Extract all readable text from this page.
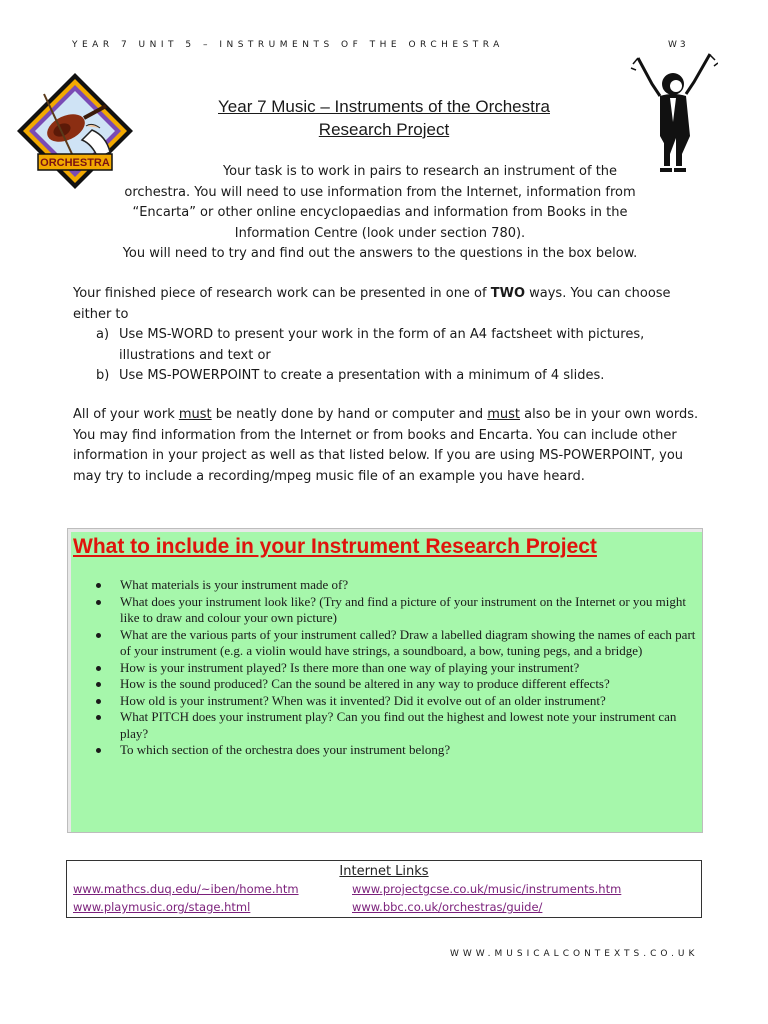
YEAR 7 UNIT 5 – INSTRUMENTS OF THE ORCHESTRA	W3
ORCHESTRA
Year 7 Music – Instruments of the Orchestra
Research Project
Your task is to work in pairs to research an instrument of the
orchestra. You will need to use information from the Internet, information from
“Encarta” or other online encyclopaedias and information from Books in the
Information Centre (look under section 780).
You will need to try and find out the answers to the questions in the box below.
Your finished piece of research work can be presented in one of TWO ways. You can choose either to
a) Use MS-WORD to present your work in the form of an A4 factsheet with pictures, illustrations and text or
b) Use MS-POWERPOINT to create a presentation with a minimum of 4 slides.
All of your work must be neatly done by hand or computer and must also be in your own words. You may find information from the Internet or from books and Encarta. You can include other information in your project as well as that listed below. If you are using MS-POWERPOINT, you may try to include a recording/mpeg music file of an example you have heard.
What to include in your Instrument Research Project
What materials is your instrument made of?
What does your instrument look like? (Try and find a picture of your instrument on the Internet or you might like to draw and colour your own picture)
What are the various parts of your instrument called? Draw a labelled diagram showing the names of each part of your instrument (e.g. a violin would have strings, a soundboard, a bow, tuning pegs, and a bridge)
How is your instrument played? Is there more than one way of playing your instrument?
How is the sound produced? Can the sound be altered in any way to produce different effects?
How old is your instrument? When was it invented? Did it evolve out of an older instrument?
What PITCH does your instrument play? Can you find out the highest and lowest note your instrument can play?
To which section of the orchestra does your instrument belong?
Internet Links
www.mathcs.duq.edu/~iben/home.htm	www.projectgcse.co.uk/music/instruments.htm
www.playmusic.org/stage.html	www.bbc.co.uk/orchestras/guide/
WWW.MUSICALCONTEXTS.CO.UK
